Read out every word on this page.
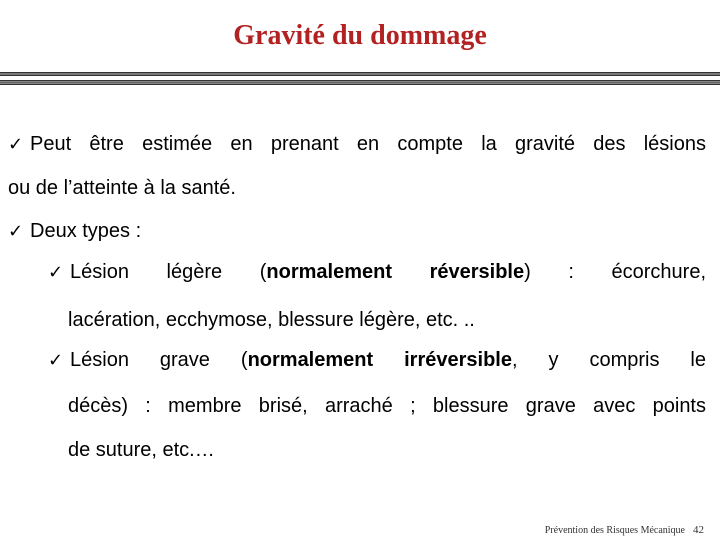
Gravité du dommage
✓ Peut être estimée en prenant en compte la gravité des lésions
ou de l’atteinte à la santé.
✓ Deux types :
✓ Lésion légère (normalement réversible) : écorchure,
lacération, ecchymose, blessure légère, etc. ..
✓ Lésion grave (normalement irréversible, y compris le
décès) : membre brisé, arraché ; blessure grave avec points
de suture, etc.…
Prévention des Risques Mécanique 42
